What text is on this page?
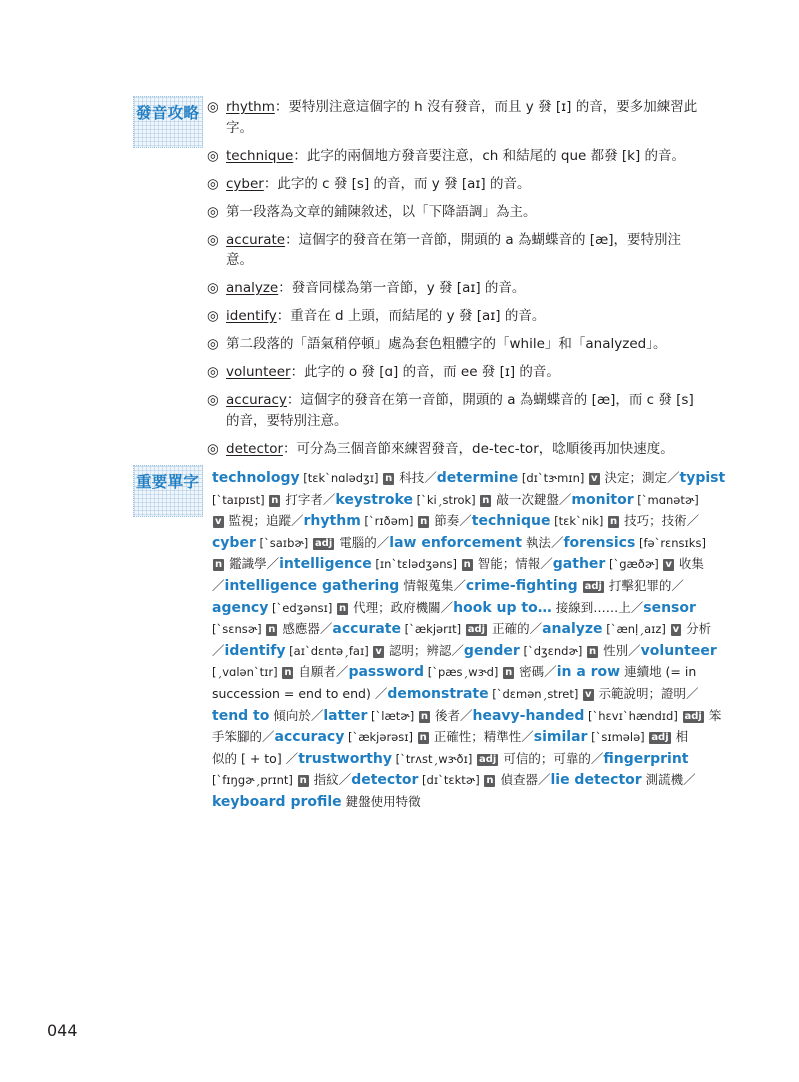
發音攻略 ◎ rhythm：要特別注意這個字的 h 沒有發音，而且 y 發 [ɪ] 的音，要多加練習此字。
◎ technique：此字的兩個地方發音要注意，ch 和結尾的 que 都發 [k] 的音。
◎ cyber：此字的 c 發 [s] 的音，而 y 發 [aɪ] 的音。
◎ 第一段落為文章的鋪陳敘述，以「下降語調」為主。
◎ accurate：這個字的發音在第一音節，開頭的 a 為蝴蝶音的 [æ]，要特別注意。
◎ analyze：發音同樣為第一音節，y 發 [aɪ] 的音。
◎ identify：重音在 d 上頭，而結尾的 y 發 [aɪ] 的音。
◎ 第二段落的「語氣稍停頓」處為套色粗體字的「while」和「analyzed」。
◎ volunteer：此字的 o 發 [ɑ] 的音，而 ee 發 [ɪ] 的音。
◎ accuracy：這個字的發音在第一音節，開頭的 a 為蝴蝶音的 [æ]，而 c 發 [s] 的音，要特別注意。
◎ detector：可分為三個音節來練習發音，de-tec-tor，唸順後再加快速度。
重要單字 technology [tɛk`nɑlədʒɪ] n 科技／determine [dɪ`tɝmɪn] v 決定；測定／typist
[`taɪpɪst] n 打字者／keystroke [`kiˏstrok] n 敲一次鍵盤／monitor [`mɑnətɚ]
v 監視；追蹤／rhythm [`rɪðəm] n 節奏／technique [tɛk`nik] n 技巧；技術／
cyber [`saɪbɚ] adj 電腦的／law enforcement 執法／forensics [fə`rɛnsɪks]
n 鑑識學／intelligence [ɪn`tɛlədʒəns] n 智能；情報／gather [`gæðɚ] v 收集
／intelligence gathering 情報蒐集／crime-fighting adj 打擊犯罪的／
agency [`edʒənsɪ] n 代理；政府機關／hook up to… 接線到……上／sensor
[`sɛnsɚ] n 感應器／accurate [`ækjərɪt] adj 正確的／analyze [`ænḷˏaɪz] v 分析
／identify [aɪ`dɛntəˏfaɪ] v 認明；辨認／gender [`dʒɛndɚ] n 性別／volunteer
[ˏvɑlən`tɪr] n 自願者／password [`pæsˏwɝd] n 密碼／in a row 連續地 (= in
succession = end to end) ／demonstrate [`dɛmənˏstret] v 示範說明；證明／
tend to 傾向於／latter [`lætɚ] n 後者／heavy-handed [`hɛvɪ`hændɪd] adj 笨
手笨腳的／accuracy [`ækjərəsɪ] n 正確性；精準性／similar [`sɪmələ] adj 相
似的 [ + to] ／trustworthy [`trʌstˏwɝðɪ] adj 可信的；可靠的／fingerprint
[`fɪŋgɚˏprɪnt] n 指紋／detector [dɪ`tɛktɚ] n 偵查器／lie detector 測謊機／
keyboard profile 鍵盤使用特徵
044
